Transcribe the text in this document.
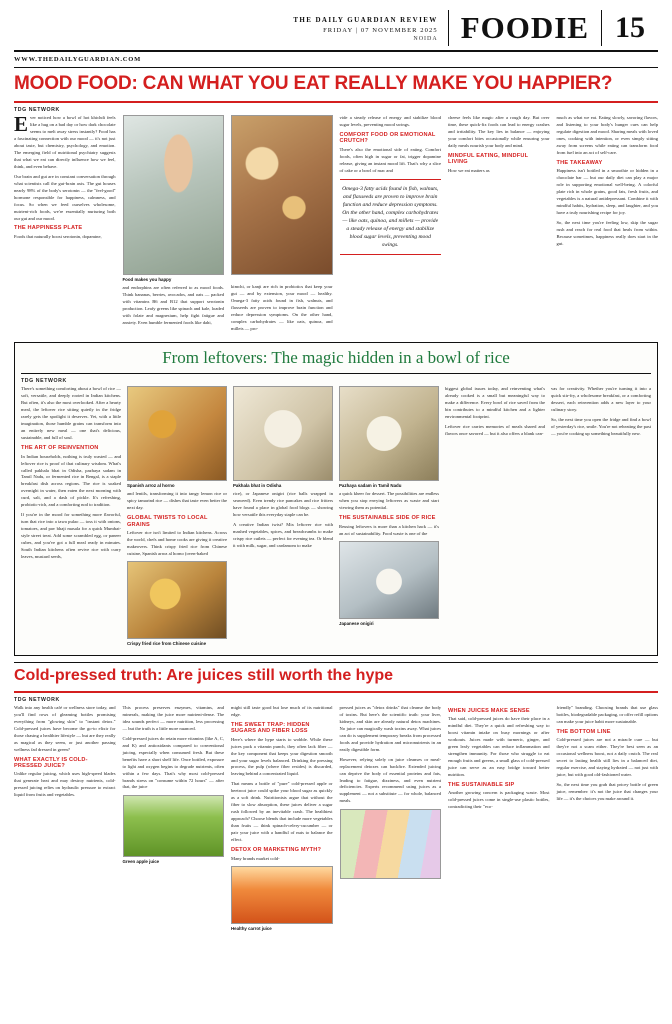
THE DAILY GUARDIAN REVIEW
FRIDAY | 07 NOVEMBER 2025
NOIDA FOODIE 15
WWW.THEDAILYGUARDIAN.COM
MOOD FOOD: CAN WHAT YOU EAT REALLY MAKE YOU HAPPIER?
TDG NETWORK

Ever noticed how a bowl of hot khichdi feels like a hug on a bad day or how dark chocolate seems to melt away stress instantly? Food has a fascinating connection with our mood — it's not just about taste, but chemistry, psychology, and emotion. The emerging field of nutritional psychiatry suggests that what we eat can directly influence how we feel, think, and even behave.

Our brain and gut are in constant conversation through what scientists call the gut-brain axis. The gut houses nearly 98% of the body's serotonin — the "feel-good" hormone responsible for happiness, calmness, and focus. So when we feed ourselves wholesome, nutrient-rich foods, we're essentially nurturing both our gut and our mood.

THE HAPPINESS PLATE

Foods that naturally boost serotonin, dopamine,

Food makes you happy

and endorphins are often referred to as mood foods. Think bananas, berries, avocados, and oats — packed with vitamins B6 and B12 that support serotonin production. Leafy greens like spinach and kale, loaded with folate and magnesium, help fight fatigue and anxiety. Even humble fermented foods like dahi,

kimchi, or kanji are rich in probiotics that keep your gut — and by extension, your mood — healthy. Omega-3 fatty acids found in fish, walnuts, and flaxseeds are proven to improve brain function and reduce depression symptoms. On the other hand, complex carbohydrates — like oats, quinoa, and millets — pro-

vide a steady release of energy and stabilize blood sugar levels, preventing mood swings.

COMFORT FOOD OR EMOTIONAL CRUTCH?

There's also the emotional side of eating. Comfort foods, often high in sugar or fat, trigger dopamine release, giving an instant mood lift. That's why a slice of cake or a bowl of mac and

Omega-3 fatty acids found in fish, walnuts, and flaxseeds are proven to improve brain function and reduce depression symptoms. On the other hand, complex carbohydrates — like oats, quinoa, and millets — provide a steady release of energy and stabilize blood sugar levels, preventing mood swings.

cheese feels like magic after a rough day. But over time, these quick-fix foods can lead to energy crashes and irritability. The key lies in balance — enjoying your comfort bites occasionally while ensuring your daily meals nourish your body and mind.

MINDFUL EATING, MINDFUL LIVING

How we eat matters as

much as what we eat. Eating slowly, savoring flavors, and listening to your body's hunger cues can help regulate digestion and mood. Sharing meals with loved ones, cooking with intention, or even simply sitting away from screens while eating can transform food from fuel into an act of self-care.

THE TAKEAWAY

Happiness isn't bottled in a smoothie or hidden in a chocolate bar — but our daily diet can play a major role in supporting emotional well-being. A colorful plate rich in whole grains, good fats, fresh fruits, and vegetables is a natural antidepressant. Combine it with mindful habits, hydration, sleep, and laughter, and you have a truly nourishing recipe for joy.

So, the next time you're feeling low, skip the sugar rush and reach for real food that heals from within. Because sometimes, happiness really does start in the gut.

From leftovers: The magic hidden in a bowl of rice
TDG NETWORK

There's something comforting about a bowl of rice — soft, versatile, and deeply rooted in Indian kitchens. But often, it's also the most overlooked. After a hearty meal, the leftover rice sitting quietly in the fridge rarely gets the spotlight it deserves. Yet, with a little imagination, those humble grains can transform into an entirely new meal — one that's delicious, sustainable, and full of soul.

THE ART OF REINVENTION

In Indian households, nothing is truly wasted — and leftover rice is proof of that culinary wisdom. What's called pakhala bhat in Odisha, pazhaya sadam in Tamil Nadu, or fermented rice in Bengal, is a staple breakfast dish across regions. The rice is soaked overnight in water, then eaten the next morning with curd, salt, and a dash of pickle. It's refreshing, probiotic-rich, and a comforting nod to tradition.

If you're in the mood for something more flavorful, turn that rice into a tawa pulao — toss it with onions, tomatoes, and pav bhaji masala for a quick Mumbai-style street treat. Add some scrambled egg, or paneer cubes, and you've got a full meal ready in minutes. South Indian kitchens often revive rice with curry leaves, mustard seeds,

Spanish arroz al horno

and lentils, transforming it into tangy lemon rice or spicy tamarind rice — dishes that taste even better the next day.

GLOBAL TWISTS TO LOCAL GRAINS

Leftover rice isn't limited to Indian kitchens. Across the world, chefs and home cooks are giving it creative makeovers. Think crispy fried rice from Chinese cuisine, Spanish arroz al horno (oven-baked

Crispy fried rice from Chinese cuisine
Pakhala bhat in Odisha

rice), or Japanese onigiri (rice balls wrapped in seaweed). Even trendy rice pancakes and rice fritters have found a place in global food blogs — showing how versatile this everyday staple can be.

A creative Indian twist? Mix leftover rice with mashed vegetables, spices, and breadcrumbs to make crispy rice cutlets — perfect for evening tea. Or blend it with milk, sugar, and cardamom to make

Pazhaya sadam in Tamil Nadu

a quick kheer for dessert. The possibilities are endless when you stop envying leftovers as waste and start viewing them as potential.

THE SUSTAINABLE SIDE OF RICE

Reusing leftovers is more than a kitchen hack — it's an act of sustainability. Food waste is one of the

Japanese onigiri

biggest global issues today, and reinventing what's already cooked is a small but meaningful way to make a difference. Every bowl of rice saved from the bin contributes to a mindful kitchen and a lighter environmental footprint.

Leftover rice carries memories of meals shared and flavors once savored — but it also offers a blank can-

vas for creativity. Whether you're turning it into a quick stir-fry, a wholesome breakfast, or a comforting dessert, each reinvention adds a new layer to your culinary story.

So, the next time you open the fridge and find a bowl of yesterday's rice, smile. You're not reheating the past — you're cooking up something beautifully new.

Cold-pressed truth: Are juices still worth the hype
TDG NETWORK

Walk into any health café or wellness store today, and you'll find rows of gleaming bottles promising everything from "glowing skin" to "instant detox." Cold-pressed juices have become the go-to elixir for those chasing a healthier lifestyle — but are they really as magical as they seem, or just another passing wellness fad dressed in green?

WHAT EXACTLY IS COLD-PRESSED JUICE?

Unlike regular juicing, which uses high-speed blades that generate heat and may destroy nutrients, cold-pressed juicing relies on hydraulic pressure to extract liquid from fruits and vegetables.

This process preserves enzymes, vitamins, and minerals, making the juice more nutrient-dense. The idea sounds perfect — more nutrition, less processing — but the truth is a little more nuanced.

Cold-pressed juices do retain more vitamins (like A, C, and K) and antioxidants compared to conventional juicing, especially when consumed fresh. But these benefits have a short shelf life. Once bottled, exposure to light and oxygen begins to degrade nutrients, often within a few days. That's why most cold-pressed brands stress on "consume within 72 hours" — after that, the juice

Green apple juice

might still taste good but lose much of its nutritional edge.

THE SWEET TRAP: HIDDEN SUGARS AND FIBER LOSS

Here's where the hype starts to wobble. While these juices pack a vitamin punch, they often lack fiber — the key component that keeps your digestion smooth and your sugar levels balanced. Drinking the pressing process, the pulp (where fiber resides) is discarded, leaving behind a concentrated liquid.

That means a bottle of "pure" cold-pressed apple or beetroot juice could spike your blood sugar as quickly as a soft drink. Nutritionists argue that without the fiber to slow absorption, these juices deliver a sugar rush followed by an inevitable crash. The healthiest approach? Choose blends that include more vegetables than fruits — think spinach-celery-cucumber — or pair your juice with a handful of nuts to balance the effect.

DETOX OR MARKETING MYTH?

Many brands market cold-

Healthy carrot juice

pressed juices as "detox drinks" that cleanse the body of toxins. But here's the scientific truth: your liver, kidneys, and skin are already natural detox machines. No juice can magically wash toxins away. What juices can do is supplement temporary breaks from processed foods and provide hydration and micronutrients in an easily digestible form.

However, relying solely on juice cleanses or meal-replacement detoxes can backfire. Extended juicing can deprive the body of essential proteins and fats, leading to fatigue, dizziness, and even nutrient deficiencies. Experts recommend using juices as a supplement — not a substitute — for whole, balanced meals.

WHEN JUICES MAKE SENSE

That said, cold-pressed juices do have their place in a mindful diet. They're a quick and refreshing way to boost vitamin intake on busy mornings or after workouts. Juices made with turmeric, ginger, and green leafy vegetables can reduce inflammation and strengthen immunity. For those who struggle to eat enough fruits and greens, a small glass of cold-pressed juice can serve as an easy bridge toward better nutrition.

THE SUSTAINABLE SIP

Another growing concern is packaging waste. Most cold-pressed juices come in single-use plastic bottles, contradicting their "eco-

friendly" branding. Choosing brands that use glass bottles, biodegradable packaging, or offer refill options can make your juice habit more sustainable.

THE BOTTOM LINE

Cold-pressed juices are not a miracle cure — but they're not a scam either. They're best seen as an occasional wellness boost, not a daily crutch. The real secret to lasting health still lies in a balanced diet, regular exercise, and staying hydrated — not just with juice, but with good old-fashioned water.

So, the next time you grab that pricey bottle of green juice, remember: it's not the juice that changes your life — it's the choices you make around it.
